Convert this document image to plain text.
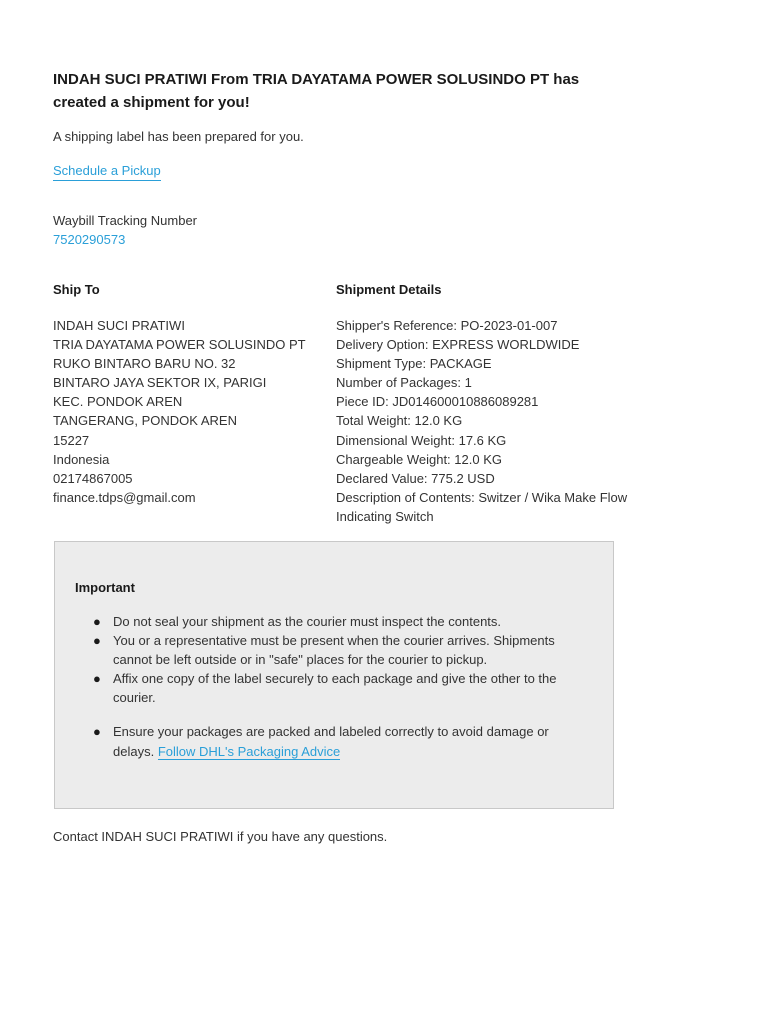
INDAH SUCI PRATIWI From TRIA DAYATAMA POWER SOLUSINDO PT has created a shipment for you!

A shipping label has been prepared for you.

Schedule a Pickup
Waybill Tracking Number
7520290573
Ship To
INDAH SUCI PRATIWI
TRIA DAYATAMA POWER SOLUSINDO PT
RUKO BINTARO BARU NO. 32
BINTARO JAYA SEKTOR IX, PARIGI
KEC. PONDOK AREN
TANGERANG, PONDOK AREN
15227
Indonesia
02174867005
finance.tdps@gmail.com
Shipment Details
Shipper's Reference: PO-2023-01-007
Delivery Option: EXPRESS WORLDWIDE
Shipment Type: PACKAGE
Number of Packages: 1
Piece ID: JD014600010886089281
Total Weight: 12.0 KG
Dimensional Weight: 17.6 KG
Chargeable Weight: 12.0 KG
Declared Value: 775.2 USD
Description of Contents: Switzer / Wika Make Flow Indicating Switch
Important
● Do not seal your shipment as the courier must inspect the contents.
● You or a representative must be present when the courier arrives. Shipments cannot be left outside or in "safe" places for the courier to pickup.
● Affix one copy of the label securely to each package and give the other to the courier.
● Ensure your packages are packed and labeled correctly to avoid damage or delays. Follow DHL's Packaging Advice
Contact INDAH SUCI PRATIWI if you have any questions.
